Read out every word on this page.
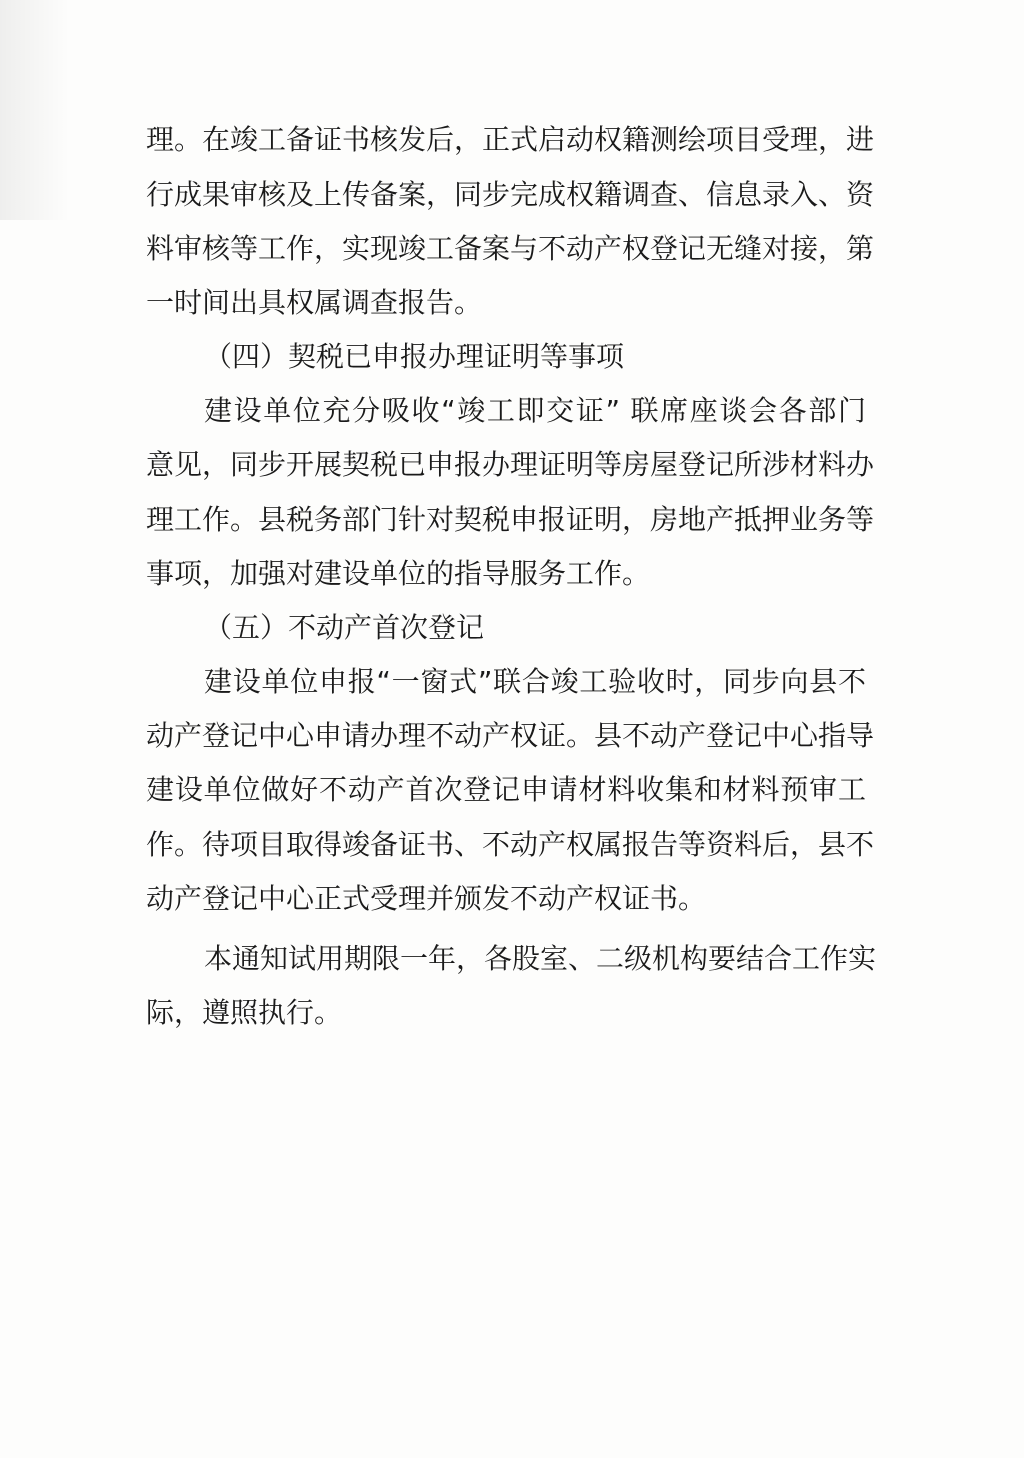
理。在竣工备证书核发后，正式启动权籍测绘项目受理，进
行成果审核及上传备案，同步完成权籍调查、信息录入、资
料审核等工作，实现竣工备案与不动产权登记无缝对接，第
一时间出具权属调查报告。
（四）契税已申报办理证明等事项
建设单位充分吸收“竣工即交证” 联席座谈会各部门
意见，同步开展契税已申报办理证明等房屋登记所涉材料办
理工作。县税务部门针对契税申报证明，房地产抵押业务等
事项，加强对建设单位的指导服务工作。
（五）不动产首次登记
建设单位申报“一窗式”联合竣工验收时，同步向县不
动产登记中心申请办理不动产权证。县不动产登记中心指导
建设单位做好不动产首次登记申请材料收集和材料预审工
作。待项目取得竣备证书、不动产权属报告等资料后，县不
动产登记中心正式受理并颁发不动产权证书。
本通知试用期限一年，各股室、二级机构要结合工作实
际，遵照执行。
